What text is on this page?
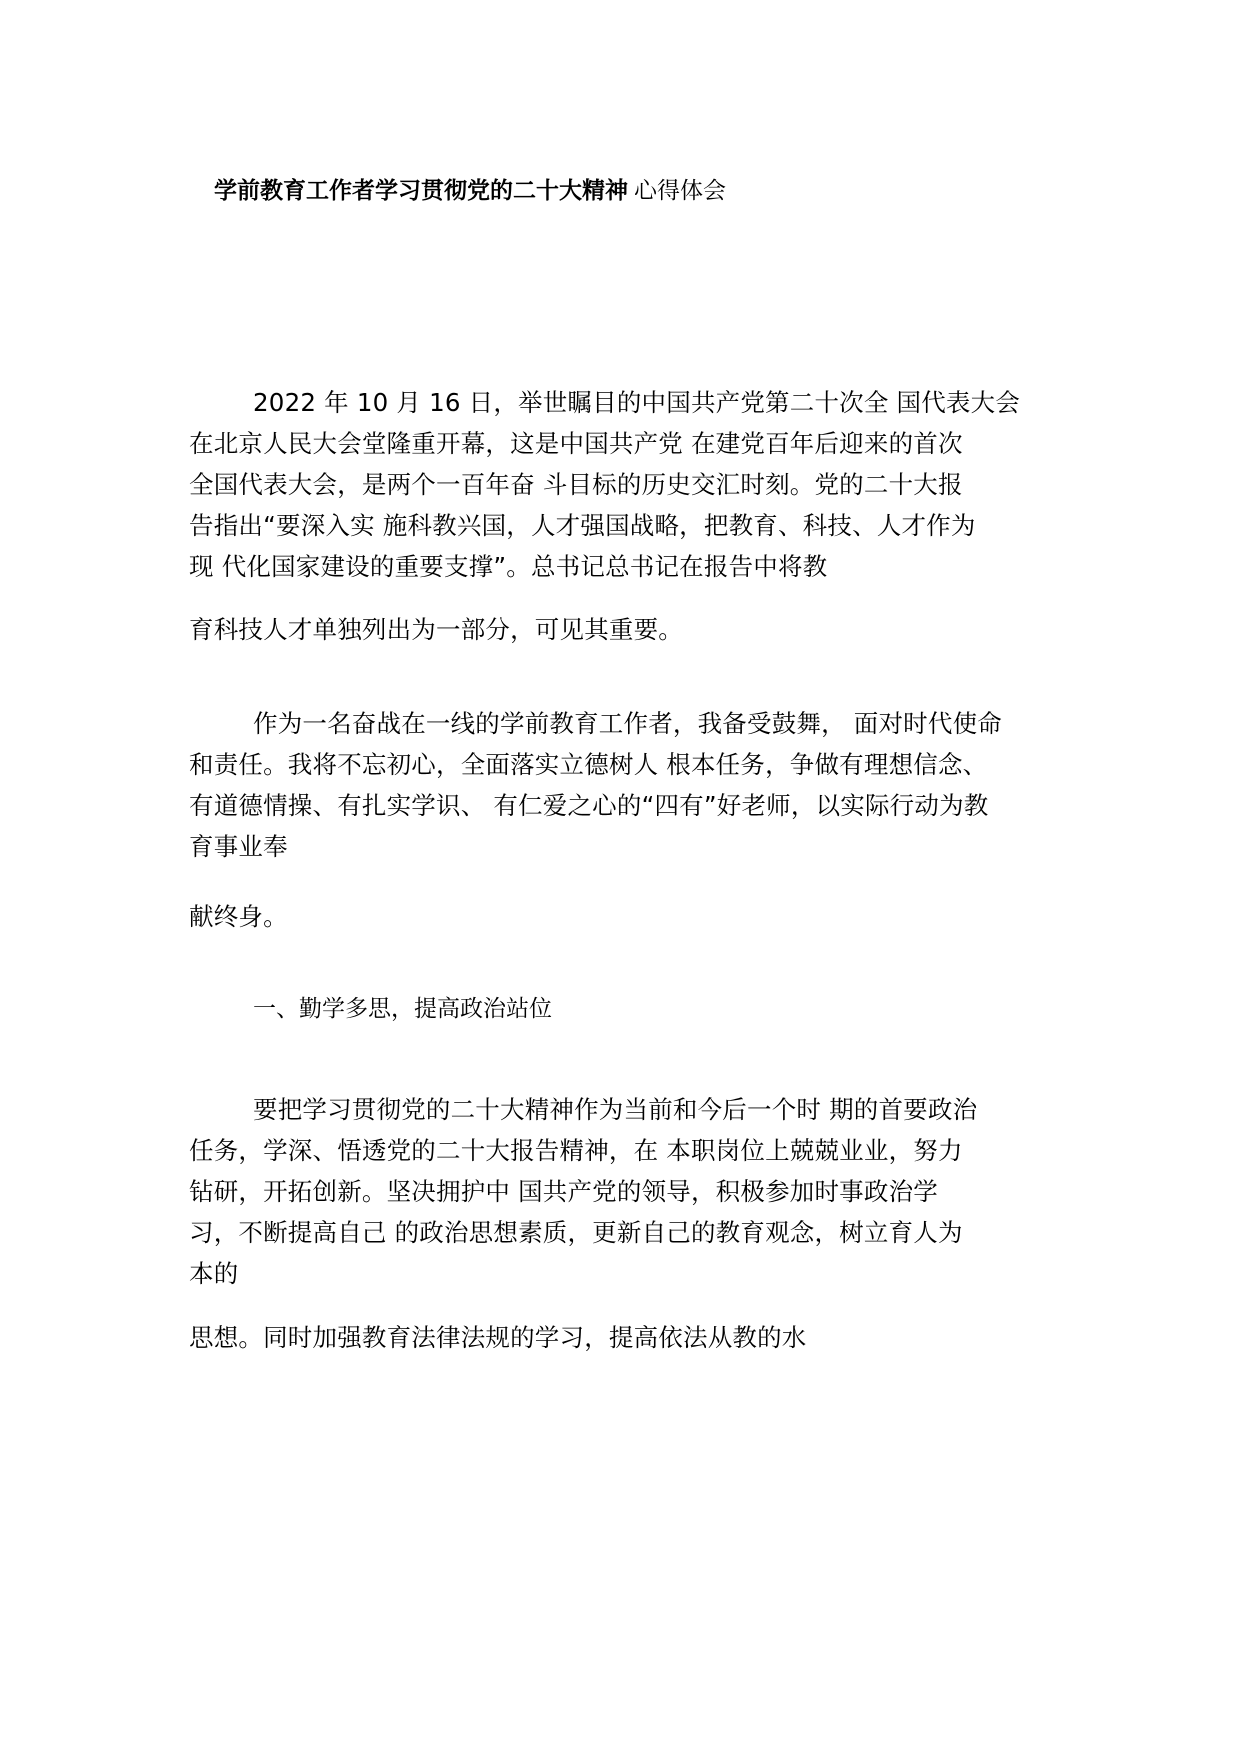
学前教育工作者学习贯彻党的二十大精神 心得体会
2022 年 10 月 16 日，举世瞩目的中国共产党第二十次全 国代表大会
在北京人民大会堂隆重开幕，这是中国共产党 在建党百年后迎来的首次
全国代表大会，是两个一百年奋 斗目标的历史交汇时刻。党的二十大报
告指出“要深入实 施科教兴国，人才强国战略，把教育、科技、人才作为
现 代化国家建设的重要支撑”。总书记总书记在报告中将教
育科技人才单独列出为一部分，可见其重要。
作为一名奋战在一线的学前教育工作者，我备受鼓舞， 面对时代使命
和责任。我将不忘初心，全面落实立德树人 根本任务，争做有理想信念、
有道德情操、有扎实学识、 有仁爱之心的“四有”好老师，以实际行动为教
育事业奉
献终身。
一、勤学多思，提高政治站位
要把学习贯彻党的二十大精神作为当前和今后一个时 期的首要政治
任务，学深、悟透党的二十大报告精神，在 本职岗位上兢兢业业，努力
钻研，开拓创新。坚决拥护中 国共产党的领导，积极参加时事政治学
习，不断提高自己 的政治思想素质，更新自己的教育观念，树立育人为
本的
思想。同时加强教育法律法规的学习，提高依法从教的水
